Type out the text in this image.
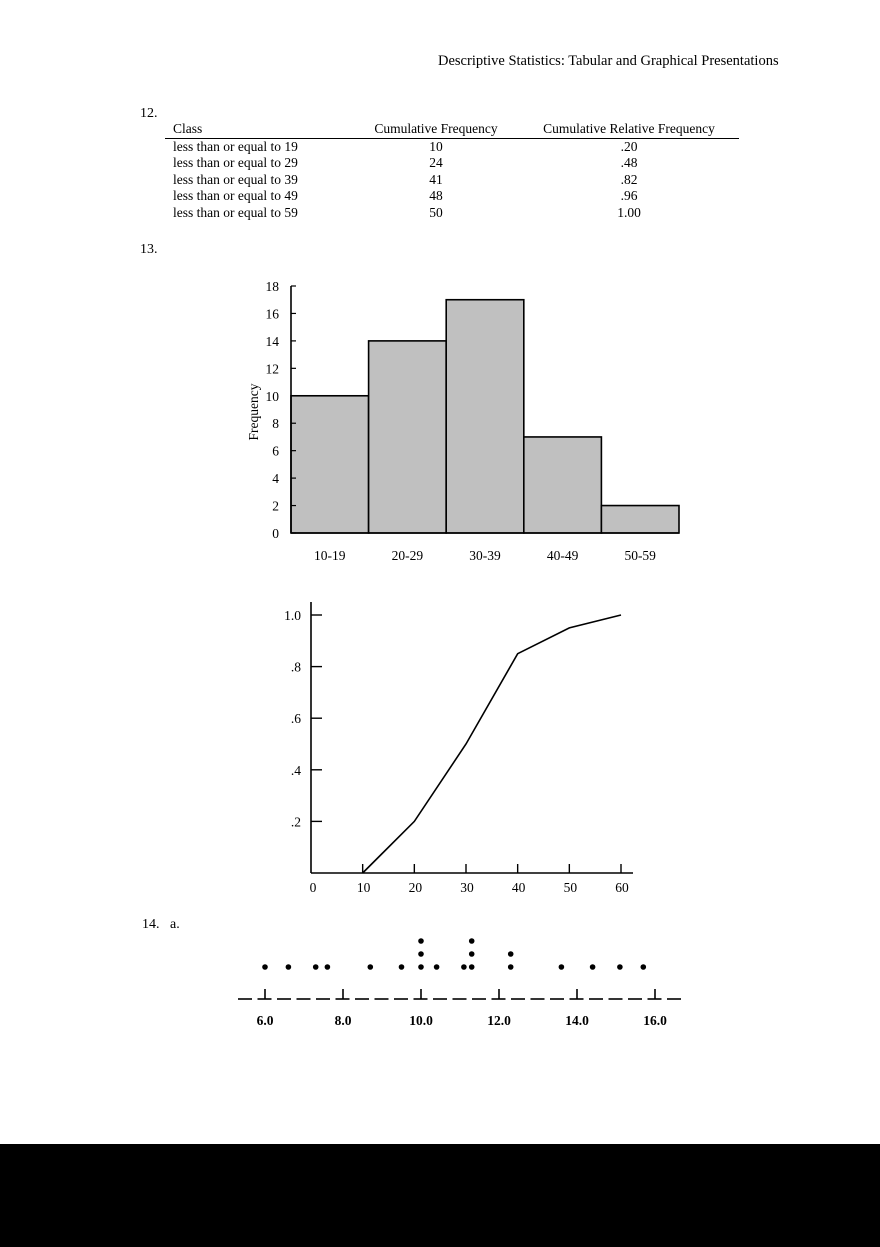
Descriptive Statistics: Tabular and Graphical Presentations
12.
Class	Cumulative Frequency	Cumulative Relative Frequency
less than or equal to 19	10	.20
less than or equal to 29	24	.48
less than or equal to 39	41	.82
less than or equal to 49	48	.96
less than or equal to 59	50	1.00
13.
10-19	20-29	30-39	40-49	50-59
0
2
4
6
8
10
12
14
16
18
Frequency
.2
.4
.6
.8
1.0
0	10	20	30	40	50	60
6.0	8.0	10.0	12.0	14.0	16.0
14. a.
